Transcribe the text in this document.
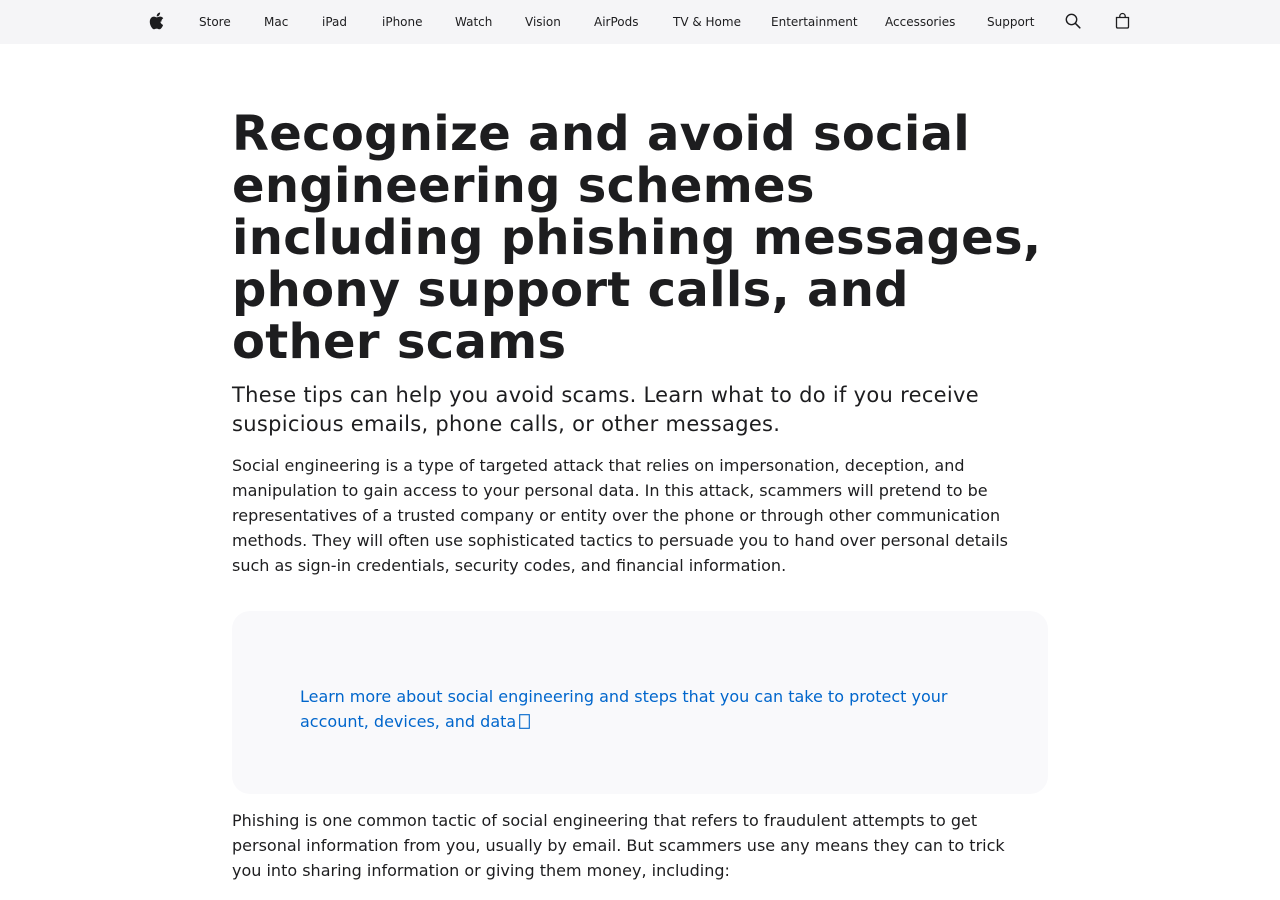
Store	Mac	iPad	iPhone	Watch	Vision	AirPods	TV & Home	Entertainment Accessories	Support
Recognize and avoid social engineering schemes including phishing messages, phony support calls, and other scams

These tips can help you avoid scams. Learn what to do if you receive suspicious emails, phone calls, or other messages.

Social engineering is a type of targeted attack that relies on impersonation, deception, and manipulation to gain access to your personal data. In this attack, scammers will pretend to be representatives of a trusted company or entity over the phone or through other communication methods. They will often use sophisticated tactics to persuade you to hand over personal details such as sign-in credentials, security codes, and financial information.

Learn more about social engineering and steps that you can take to protect your account, devices, and data

Phishing is one common tactic of social engineering that refers to fraudulent attempts to get personal information from you, usually by email. But scammers use any means they can to trick you into sharing information or giving them money, including:
